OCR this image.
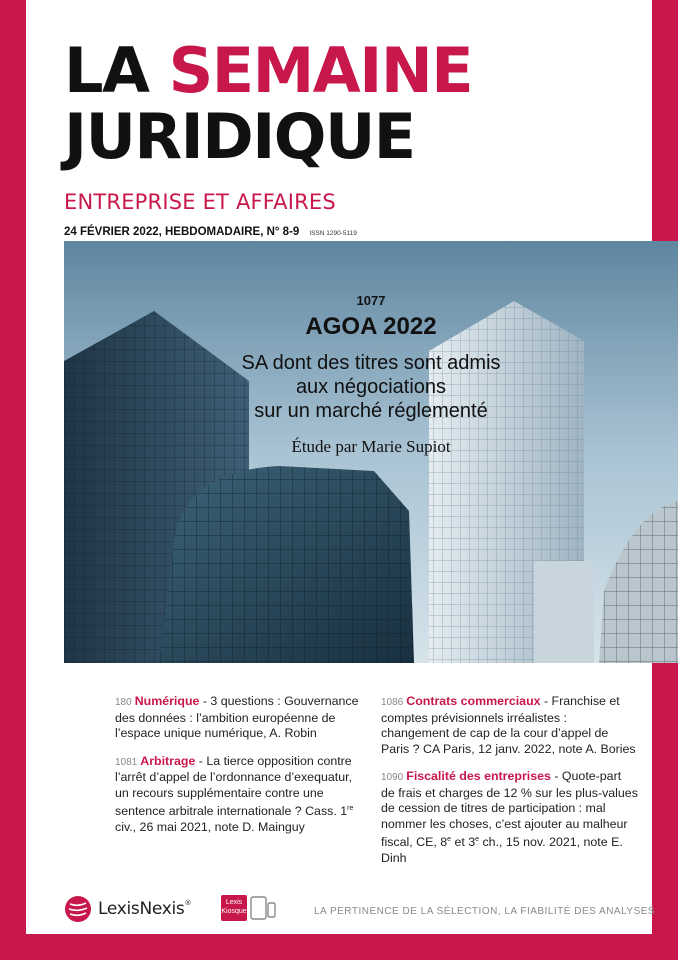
LA SEMAINE
JURIDIQUE
ENTREPRISE ET AFFAIRES
24 FÉVRIER 2022, HEBDOMADAIRE, N° 8-9 ISSN 1290-5119
1077
AGOA 2022
SA dont des titres sont admis
aux négociations
sur un marché réglementé
Étude par Marie Supiot
180 Numérique - 3 questions : Gouvernance des données : l’ambition européenne de l’espace unique numérique, A. Robin
1081 Arbitrage - La tierce opposition contre l’arrêt d’appel de l’ordonnance d’exequatur, un recours supplémentaire contre une sentence arbitrale internationale ? Cass. 1re civ., 26 mai 2021, note D. Mainguy
1086 Contrats commerciaux - Franchise et comptes prévisionnels irréalistes : changement de cap de la cour d’appel de Paris ? CA Paris, 12 janv. 2022, note A. Bories
1090 Fiscalité des entreprises - Quote-part de frais et charges de 12 % sur les plus-values de cession de titres de participation : mal nommer les choses, c’est ajouter au malheur fiscal, CE, 8e et 3e ch., 15 nov. 2021, note E. Dinh
LexisNexis®	Lexis
Kiosque	LA PERTINENCE DE LA SÉLECTION, LA FIABILITÉ DES ANALYSES
